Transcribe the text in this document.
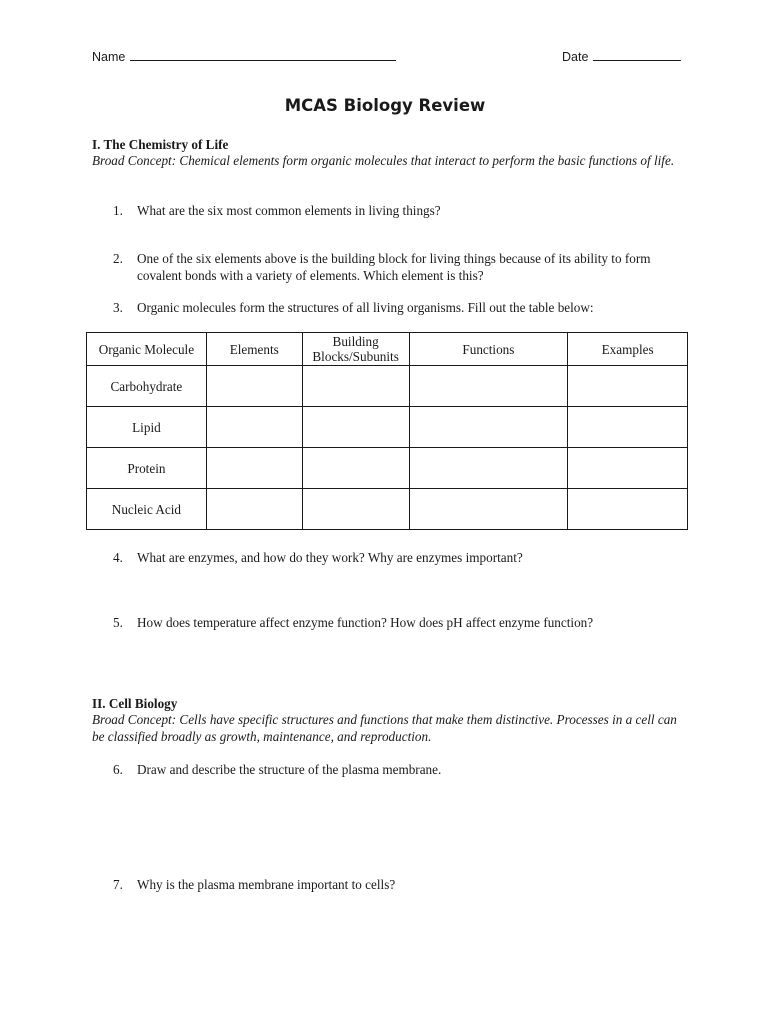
Name	Date
MCAS Biology Review
I. The Chemistry of Life
Broad Concept: Chemical elements form organic molecules that interact to perform the basic functions of life.
1. What are the six most common elements in living things?
2. One of the six elements above is the building block for living things because of its ability to form covalent bonds with a variety of elements. Which element is this?
3. Organic molecules form the structures of all living organisms. Fill out the table below:
Organic Molecule	Elements	Building Blocks/Subunits	Functions	Examples
Carbohydrate				
Lipid				
Protein				
Nucleic Acid				
4. What are enzymes, and how do they work? Why are enzymes important?
5. How does temperature affect enzyme function? How does pH affect enzyme function?
II. Cell Biology
Broad Concept: Cells have specific structures and functions that make them distinctive. Processes in a cell can be classified broadly as growth, maintenance, and reproduction.
6. Draw and describe the structure of the plasma membrane.
7. Why is the plasma membrane important to cells?
